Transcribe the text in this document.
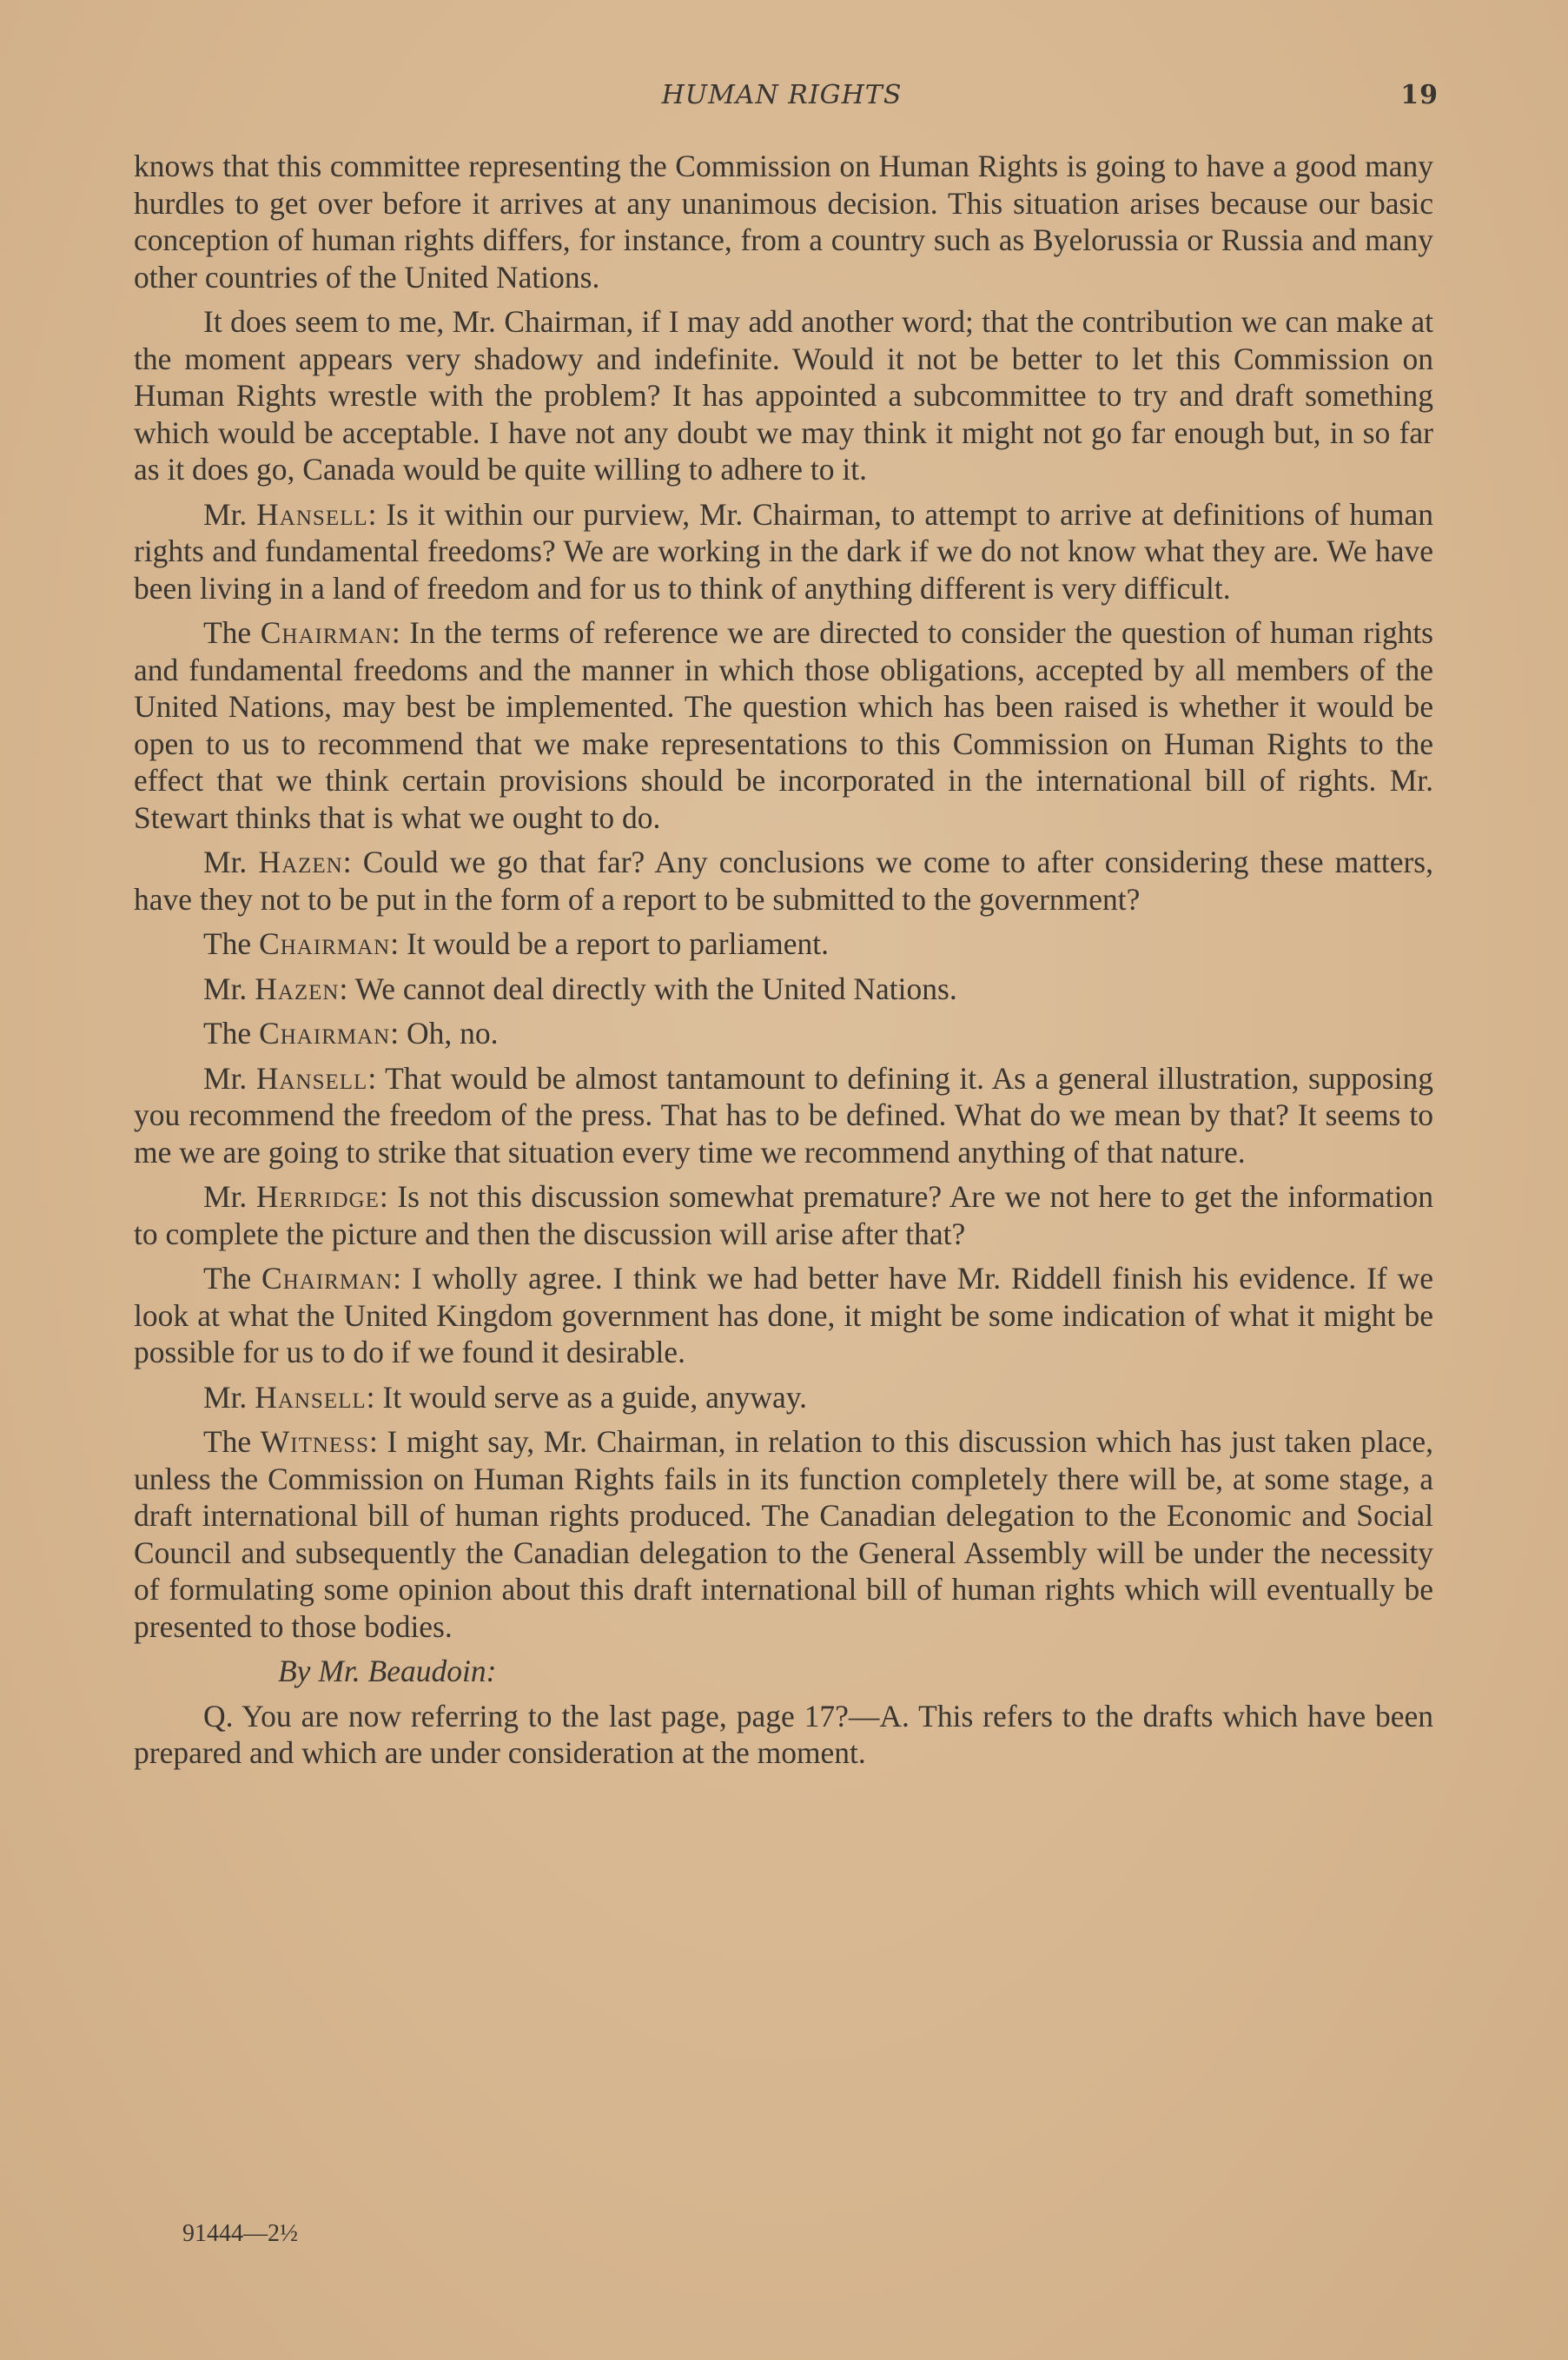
HUMAN RIGHTS	19

knows that this committee representing the Commission on Human Rights is going to have a good many hurdles to get over before it arrives at any unanimous decision. This situation arises because our basic conception of human rights differs, for instance, from a country such as Byelorussia or Russia and many other countries of the United Nations.

It does seem to me, Mr. Chairman, if I may add another word; that the contribution we can make at the moment appears very shadowy and indefinite. Would it not be better to let this Commission on Human Rights wrestle with the problem? It has appointed a subcommittee to try and draft something which would be acceptable. I have not any doubt we may think it might not go far enough but, in so far as it does go, Canada would be quite willing to adhere to it.

Mr. Hansell: Is it within our purview, Mr. Chairman, to attempt to arrive at definitions of human rights and fundamental freedoms? We are working in the dark if we do not know what they are. We have been living in a land of freedom and for us to think of anything different is very difficult.

The Chairman: In the terms of reference we are directed to consider the question of human rights and fundamental freedoms and the manner in which those obligations, accepted by all members of the United Nations, may best be implemented. The question which has been raised is whether it would be open to us to recommend that we make representations to this Commission on Human Rights to the effect that we think certain provisions should be incorporated in the international bill of rights. Mr. Stewart thinks that is what we ought to do.

Mr. Hazen: Could we go that far? Any conclusions we come to after considering these matters, have they not to be put in the form of a report to be submitted to the government?

The Chairman: It would be a report to parliament.

Mr. Hazen: We cannot deal directly with the United Nations.

The Chairman: Oh, no.

Mr. Hansell: That would be almost tantamount to defining it. As a general illustration, supposing you recommend the freedom of the press. That has to be defined. What do we mean by that? It seems to me we are going to strike that situation every time we recommend anything of that nature.

Mr. Herridge: Is not this discussion somewhat premature? Are we not here to get the information to complete the picture and then the discussion will arise after that?

The Chairman: I wholly agree. I think we had better have Mr. Riddell finish his evidence. If we look at what the United Kingdom government has done, it might be some indication of what it might be possible for us to do if we found it desirable.

Mr. Hansell: It would serve as a guide, anyway.

The Witness: I might say, Mr. Chairman, in relation to this discussion which has just taken place, unless the Commission on Human Rights fails in its function completely there will be, at some stage, a draft international bill of human rights produced. The Canadian delegation to the Economic and Social Council and subsequently the Canadian delegation to the General Assembly will be under the necessity of formulating some opinion about this draft international bill of human rights which will eventually be presented to those bodies.

By Mr. Beaudoin:

Q. You are now referring to the last page, page 17?—A. This refers to the drafts which have been prepared and which are under consideration at the moment.

91444—2½
